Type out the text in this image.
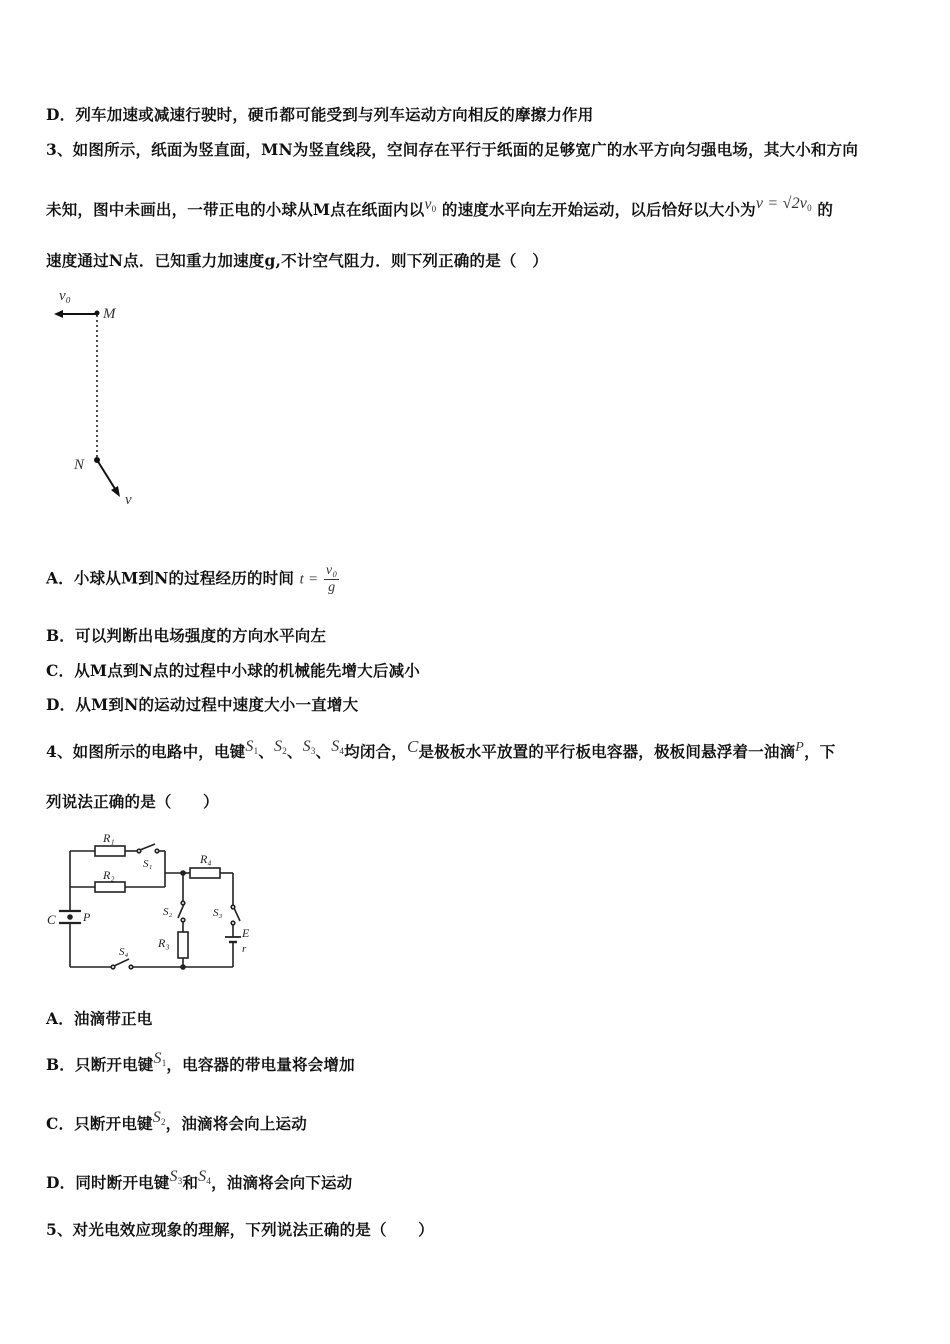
D．列车加速或减速行驶时，硬币都可能受到与列车运动方向相反的摩擦力作用
3、如图所示，纸面为竖直面，MN为竖直线段，空间存在平行于纸面的足够宽广的水平方向匀强电场，其大小和方向
未知，图中未画出，一带正电的小球从M点在纸面内以v0 的速度水平向左开始运动，以后恰好以大小为v = √2v0 的
速度通过N点．已知重力加速度g,不计空气阻力．则下列正确的是（　）
v₀
M
N
v
A．小球从M到N的过程经历的时间 $t = \frac{\text{v₀}}{g}$
B．可以判断出电场强度的方向水平向左
C．从M点到N点的过程中小球的机械能先增大后减小
D．从M到N的运动过程中速度大小一直增大
4、如图所示的电路中，电键S1、S2、S3、S4均闭合，C是极板水平放置的平行板电容器，极板间悬浮着一油滴P，下
列说法正确的是（　　）
C P
R₁
S₁
R₂
R₄
S₂
R₃
S₃
E
r
S₄
A．油滴带正电
B．只断开电键S1，电容器的带电量将会增加
C．只断开电键S2，油滴将会向上运动
D．同时断开电键S3和S4，油滴将会向下运动
5、对光电效应现象的理解，下列说法正确的是（　　）
